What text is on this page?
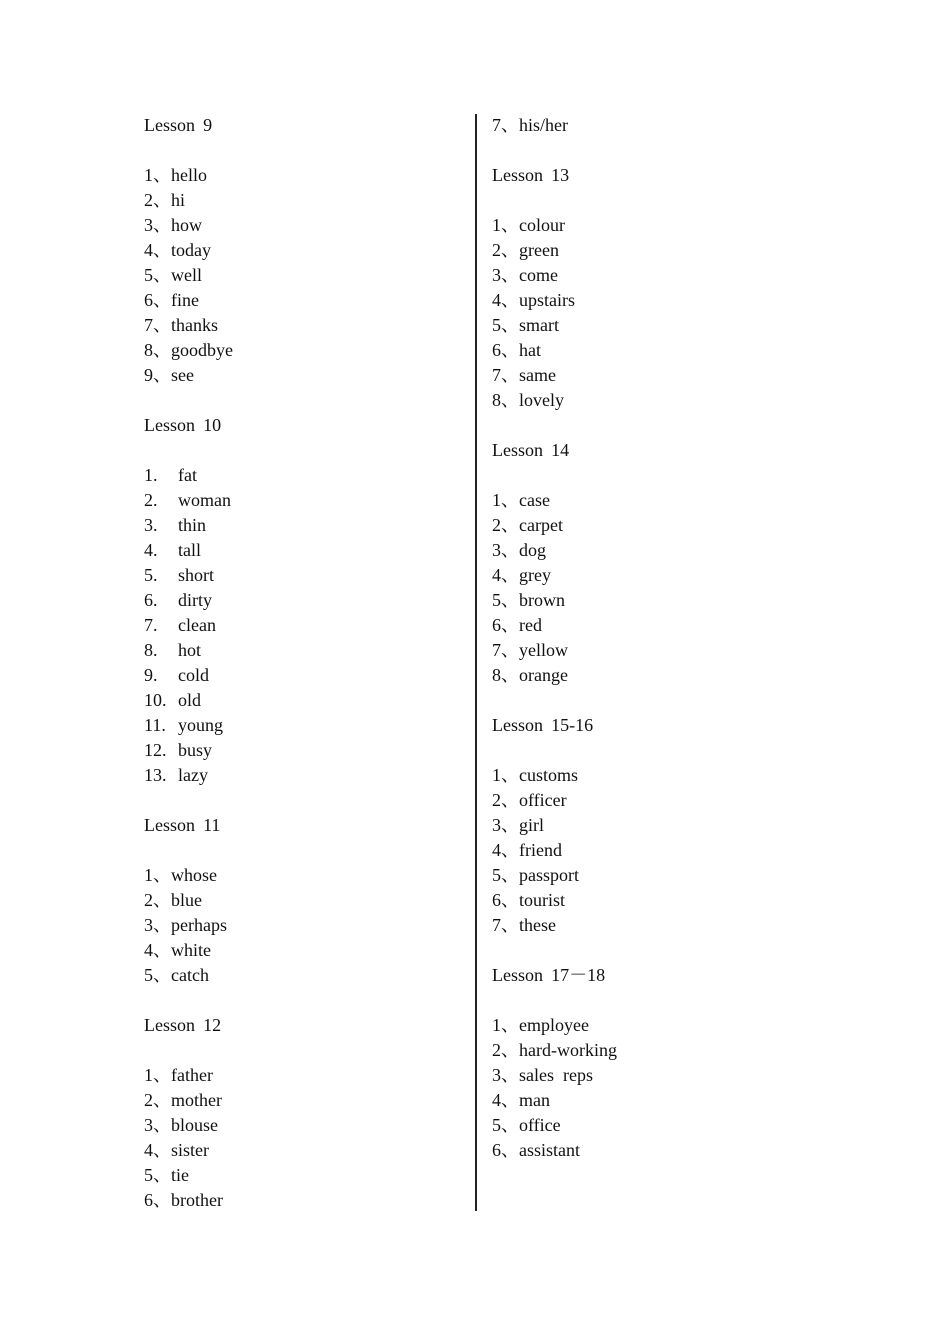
Lesson 9
1、hello
2、hi
3、how
4、today
5、well
6、fine
7、thanks
8、goodbye
9、see
Lesson 10
1. fat
2. woman
3. thin
4. tall
5. short
6. dirty
7. clean
8. hot
9. cold
10. old
11. young
12. busy
13. lazy
Lesson 11
1、whose
2、blue
3、perhaps
4、white
5、catch
Lesson 12
1、father
2、mother
3、blouse
4、sister
5、tie
6、brother
7、his/her
Lesson 13
1、colour
2、green
3、come
4、upstairs
5、smart
6、hat
7、same
8、lovely
Lesson 14
1、case
2、carpet
3、dog
4、grey
5、brown
6、red
7、yellow
8、orange
Lesson 15-16
1、customs
2、officer
3、girl
4、friend
5、passport
6、tourist
7、these
Lesson 17－18
1、employee
2、hard-working
3、sales  reps
4、man
5、office
6、assistant
